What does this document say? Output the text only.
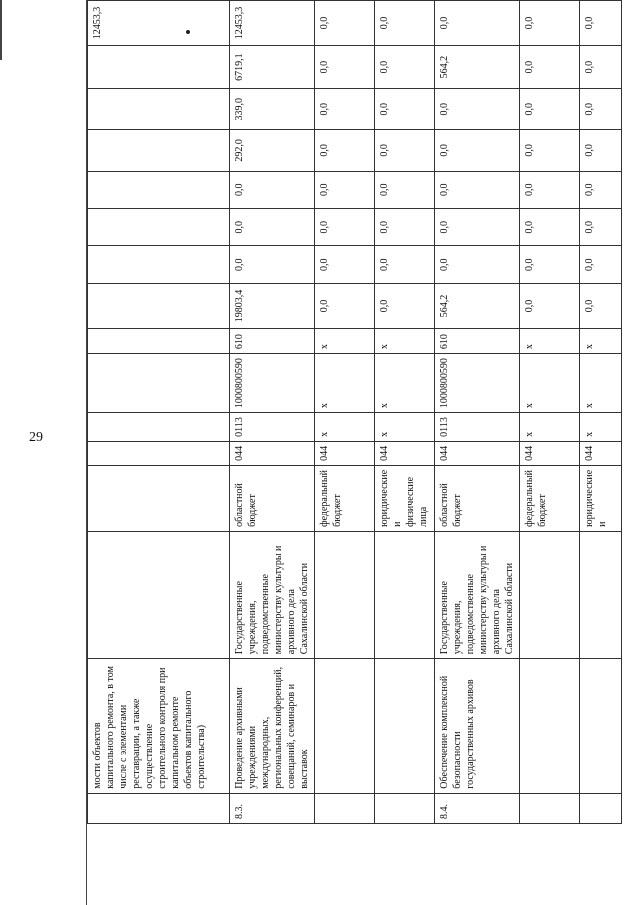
29
	мости объектов капитального ремонта, в том числе с элементами реставрации, а также осуществление строительного контроля при капитальном ремонте объектов капитального строительства)														12453,3
8.3.	Проведение архивными учреждениями международных, региональных конференций, совещаний, семинаров и выставок	Государственные учреждения, подведомственные министерству культуры и архивного дела Сахалинской области	областной бюджет	044	0113	1000800590	610	19803,4	0,0	0,0	0,0	292,0	339,0	6719,1	12453,3
			федеральный бюджет	044	х	х	х	0,0	0,0	0,0	0,0	0,0	0,0	0,0	0,0
			юридические и физические лица	044	х	х	х	0,0	0,0	0,0	0,0	0,0	0,0	0,0	0,0
8.4.	Обеспечение комплексной безопасности государственных архивов	Государственные учреждения, подведомственные министерству культуры и архивного дела Сахалинской области	областной бюджет	044	0113	1000800590	610	564,2	0,0	0,0	0,0	0,0	0,0	564,2	0,0
			федеральный бюджет	044	х	х	х	0,0	0,0	0,0	0,0	0,0	0,0	0,0	0,0
			юридические и	044	х	х	х	0,0	0,0	0,0	0,0	0,0	0,0	0,0	0,0
